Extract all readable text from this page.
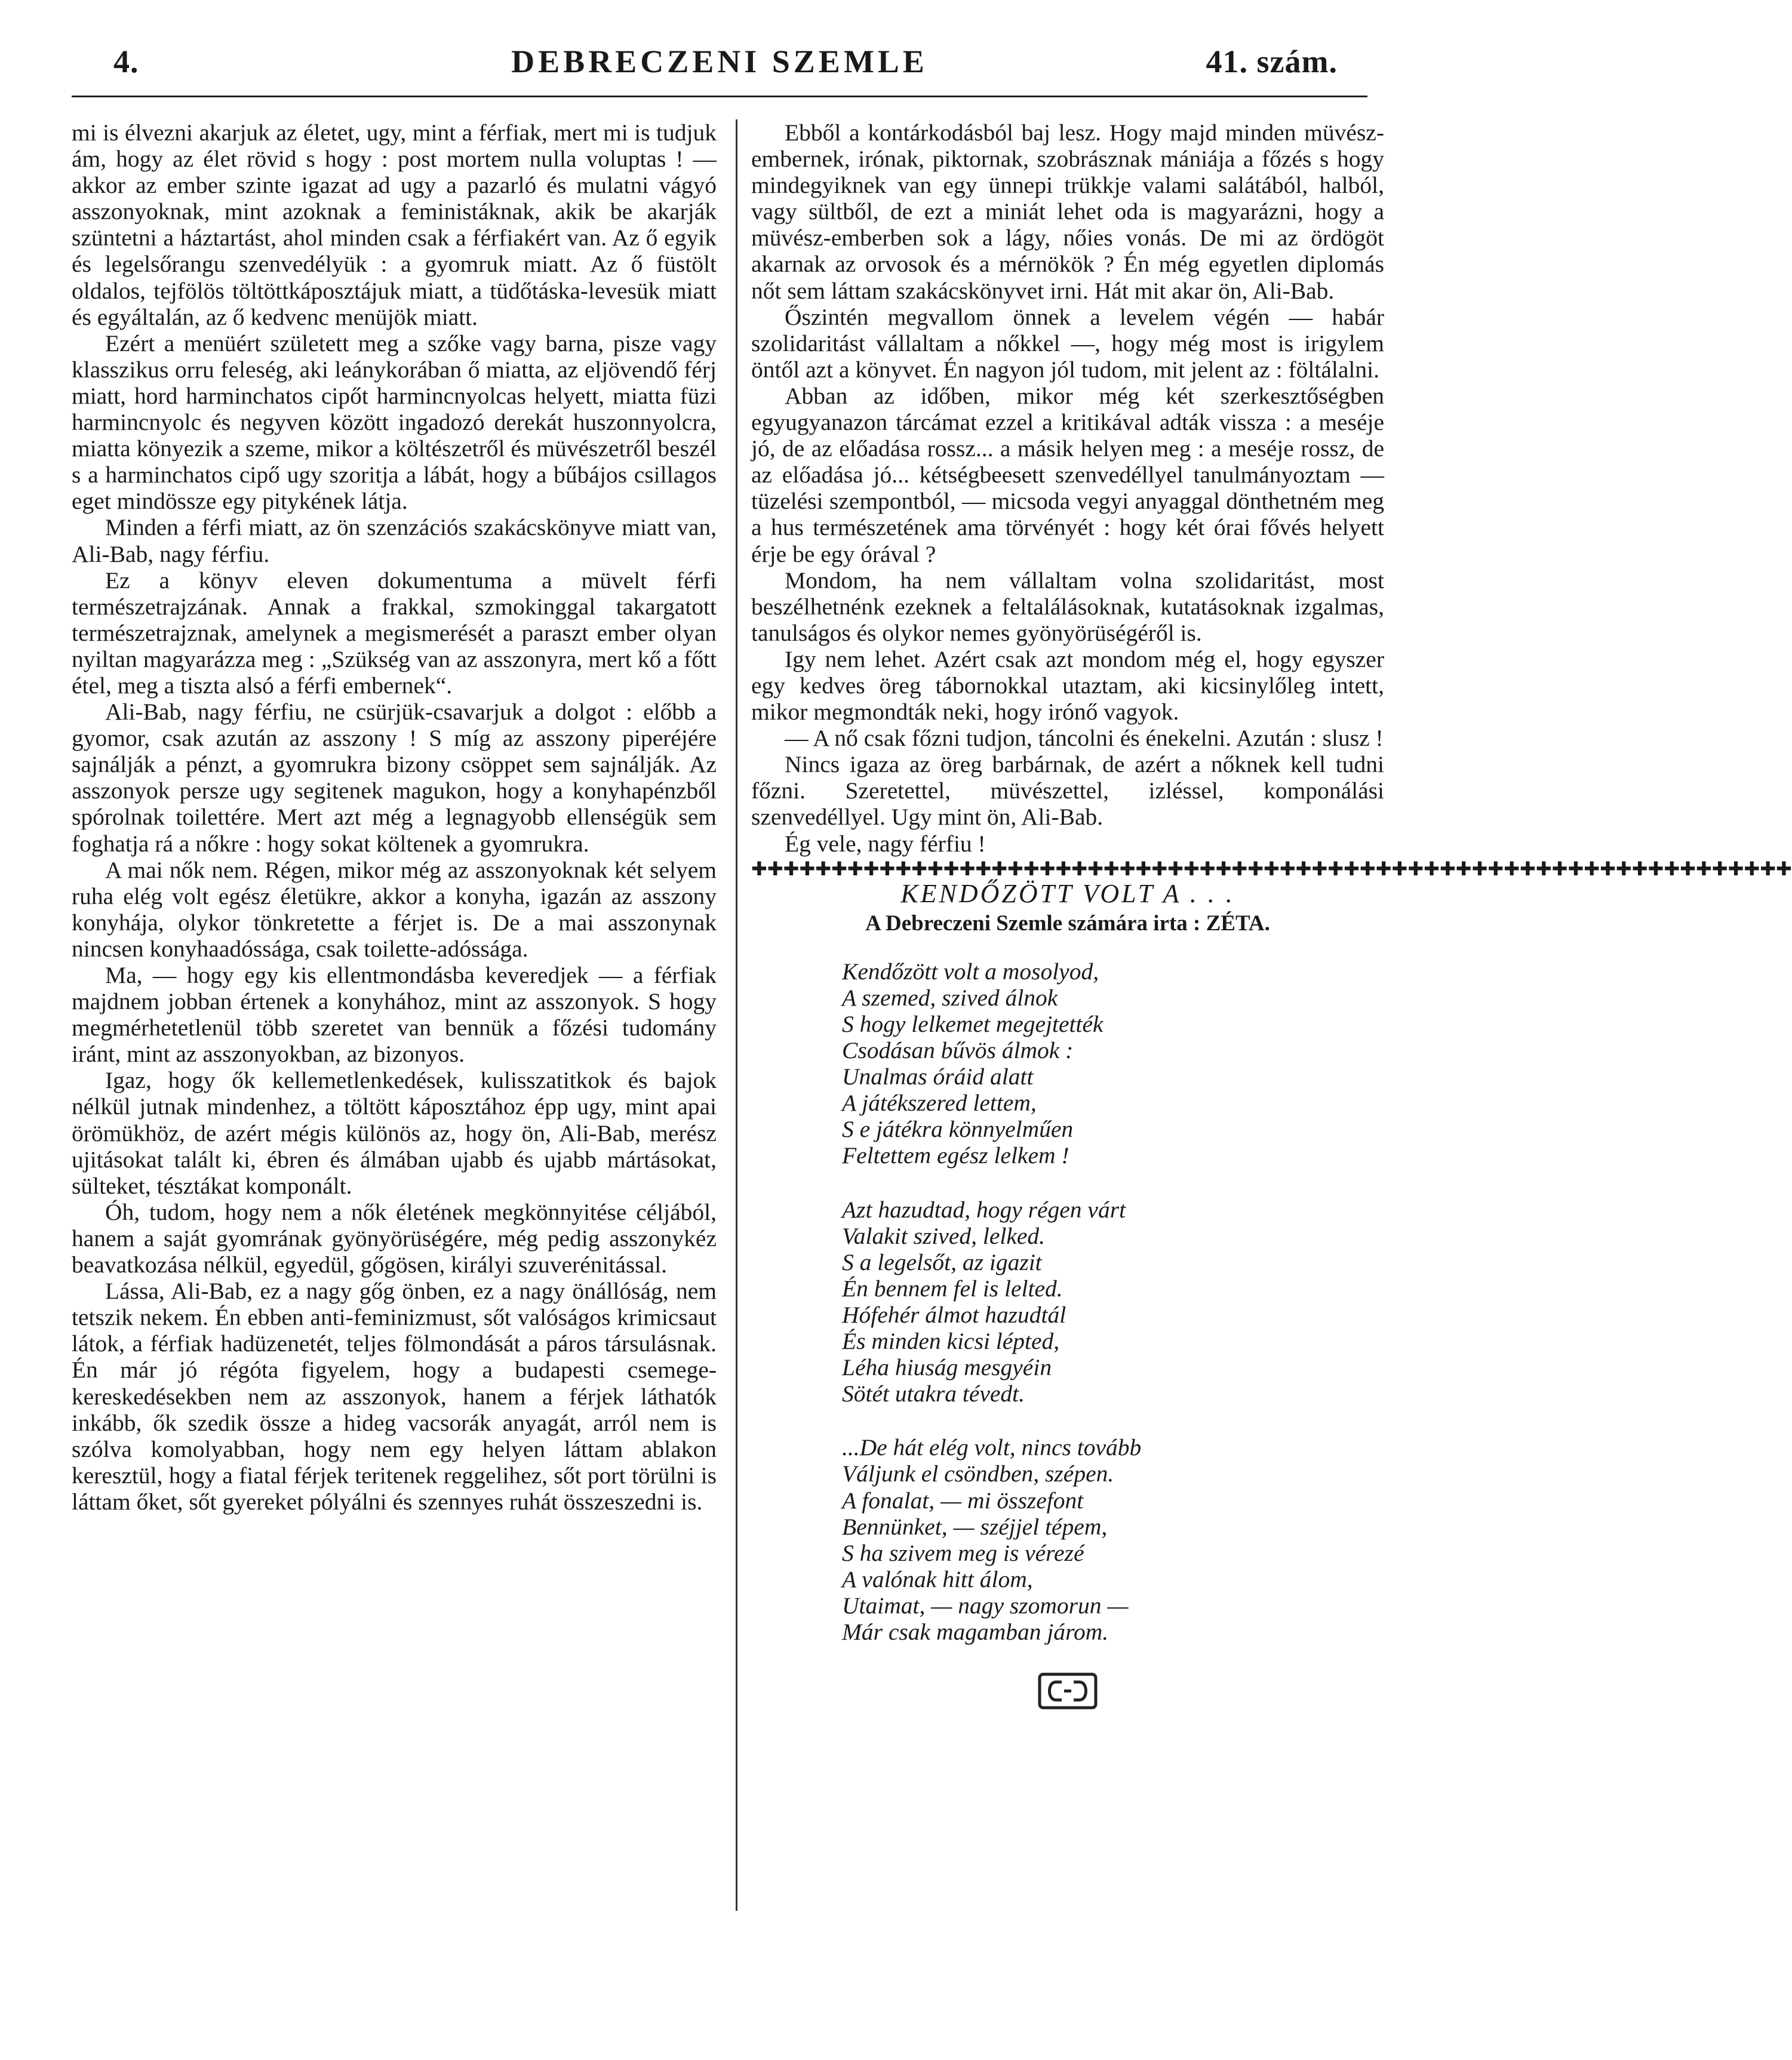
DEBRECZENI SZEMLE
4.	41. szám.

mi is élvezni akarjuk az életet, ugy, mint a férfiak, mert mi is tudjuk ám, hogy az élet rövid s hogy : post mortem nulla voluptas ! — akkor az ember szinte igazat ad ugy a pazarló és mulatni vágyó asszonyoknak, mint azoknak a feministáknak, akik be akarják szüntetni a háztartást, ahol minden csak a férfiakért van. Az ő egyik és legelsőrangu szenvedélyük : a gyomruk miatt. Az ő füstölt oldalos, tejfölös töltöttkáposztájuk miatt, a tüdőtáska-levesük miatt és egyáltalán, az ő kedvenc menüjök miatt.

Ezért a menüért született meg a szőke vagy barna, pisze vagy klasszikus orru feleség, aki leánykorában ő miatta, az eljövendő férj miatt, hord harminchatos cipőt harmincnyolcas helyett, miatta füzi harmincnyolc és negyven között ingadozó derekát huszonnyolcra, miatta könyezik a szeme, mikor a költészetről és müvészetről beszél s a harminchatos cipő ugy szoritja a lábát, hogy a bűbájos csillagos eget mindössze egy pitykének látja.

Minden a férfi miatt, az ön szenzációs szakácskönyve miatt van, Ali-Bab, nagy férfiu.

Ez a könyv eleven dokumentuma a müvelt férfi természetrajzának. Annak a frakkal, szmokinggal takargatott természetrajznak, amelynek a megismerését a paraszt ember olyan nyiltan magyarázza meg : „Szükség van az asszonyra, mert kő a főtt étel, meg a tiszta alsó a férfi embernek“.

Ali-Bab, nagy férfiu, ne csürjük-csavarjuk a dolgot : előbb a gyomor, csak azután az asszony ! S míg az asszony piperéjére sajnálják a pénzt, a gyomrukra bizony csöppet sem sajnálják. Az asszonyok persze ugy segitenek magukon, hogy a konyhapénzből spórolnak toilettére. Mert azt még a legnagyobb ellenségük sem foghatja rá a nőkre : hogy sokat költenek a gyomrukra.

A mai nők nem. Régen, mikor még az asszonyoknak két selyem ruha elég volt egész életükre, akkor a konyha, igazán az asszony konyhája, olykor tönkretette a férjet is. De a mai asszonynak nincsen konyhaadóssága, csak toilette-adóssága.

Ma, — hogy egy kis ellentmondásba keveredjek — a férfiak majdnem jobban értenek a konyhához, mint az asszonyok. S hogy megmérhetetlenül több szeretet van bennük a főzési tudomány iránt, mint az asszonyokban, az bizonyos.

Igaz, hogy ők kellemetlenkedések, kulisszatitkok és bajok nélkül jutnak mindenhez, a töltött káposztához épp ugy, mint apai örömükhöz, de azért mégis különös az, hogy ön, Ali-Bab, merész ujitásokat talált ki, ébren és álmában ujabb és ujabb mártásokat, sülteket, tésztákat komponált.

Óh, tudom, hogy nem a nők életének megkönnyitése céljából, hanem a saját gyomrának gyönyörüségére, még pedig asszonykéz beavatkozása nélkül, egyedül, gőgösen, királyi szuverénitással.

Lássa, Ali-Bab, ez a nagy gőg önben, ez a nagy önállóság, nem tetszik nekem. Én ebben anti-feminizmust, sőt valóságos krimicsaut látok, a férfiak hadüzenetét, teljes fölmondását a páros társulásnak. Én már jó régóta figyelem, hogy a budapesti csemege-kereskedésekben nem az asszonyok, hanem a férjek láthatók inkább, ők szedik össze a hideg vacsorák anyagát, arról nem is szólva komolyabban, hogy nem egy helyen láttam ablakon keresztül, hogy a fiatal férjek teritenek reggelihez, sőt port törülni is láttam őket, sőt gyereket pólyálni és szennyes ruhát összeszedni is.

Ebből a kontárkodásból baj lesz. Hogy majd minden müvész-embernek, irónak, piktornak, szobrásznak mániája a főzés s hogy mindegyiknek van egy ünnepi trükkje valami salátából, halból, vagy sültből, de ezt a miniát lehet oda is magyarázni, hogy a müvész-emberben sok a lágy, nőies vonás. De mi az ördögöt akarnak az orvosok és a mérnökök ? Én még egyetlen diplomás nőt sem láttam szakácskönyvet irni. Hát mit akar ön, Ali-Bab.

Őszintén megvallom önnek a levelem végén — habár szolidaritást vállaltam a nőkkel —, hogy még most is irigylem öntől azt a könyvet. Én nagyon jól tudom, mit jelent az : föltálalni.

Abban az időben, mikor még két szerkesztőségben egyugyanazon tárcámat ezzel a kritikával adták vissza : a meséje jó, de az előadása rossz... a másik helyen meg : a meséje rossz, de az előadása jó... kétségbeesett szenvedéllyel tanulmányoztam — tüzelési szempontból, — micsoda vegyi anyaggal dönthetném meg a hus természetének ama törvényét : hogy két órai fővés helyett érje be egy órával ?

Mondom, ha nem vállaltam volna szolidaritást, most beszélhetnénk ezeknek a feltalálásoknak, kutatásoknak izgalmas, tanulságos és olykor nemes gyönyörüségéről is.

Igy nem lehet. Azért csak azt mondom még el, hogy egyszer egy kedves öreg tábornokkal utaztam, aki kicsinylőleg intett, mikor megmondták neki, hogy irónő vagyok.

— A nő csak főzni tudjon, táncolni és énekelni. Azután : slusz !

Nincs igaza az öreg barbárnak, de azért a nőknek kell tudni főzni. Szeretettel, müvészettel, izléssel, komponálási szenvedéllyel. Ugy mint ön, Ali-Bab.

Ég vele, nagy férfiu !

✚✚✚✚✚✚✚✚✚✚✚✚✚✚✚✚✚✚✚✚✚✚✚✚✚✚✚✚✚✚✚✚✚✚✚✚✚✚✚✚✚✚✚✚✚✚✚✚✚✚✚✚✚✚✚✚✚✚✚✚✚✚✚✚✚

KENDŐZÖTT VOLT A . . .

A Debreczeni Szemle számára irta : ZÉTA.

Kendőzött volt a mosolyod,
A szemed, szived álnok
S hogy lelkemet megejtették
Csodásan bűvös álmok :
Unalmas óráid alatt
A játékszered lettem,
S e játékra könnyelműen
Feltettem egész lelkem !
Azt hazudtad, hogy régen várt
Valakit szived, lelked.
S a legelsőt, az igazit
Én bennem fel is lelted.
Hófehér álmot hazudtál
És minden kicsi lépted,
Léha hiuság mesgyéin
Sötét utakra tévedt.
...De hát elég volt, nincs tovább
Váljunk el csöndben, szépen.
A fonalat, — mi összefont
Bennünket, — széjjel tépem,
S ha szivem meg is vérezé
A valónak hitt álom,
Utaimat, — nagy szomorun —
Már csak magamban járom.
